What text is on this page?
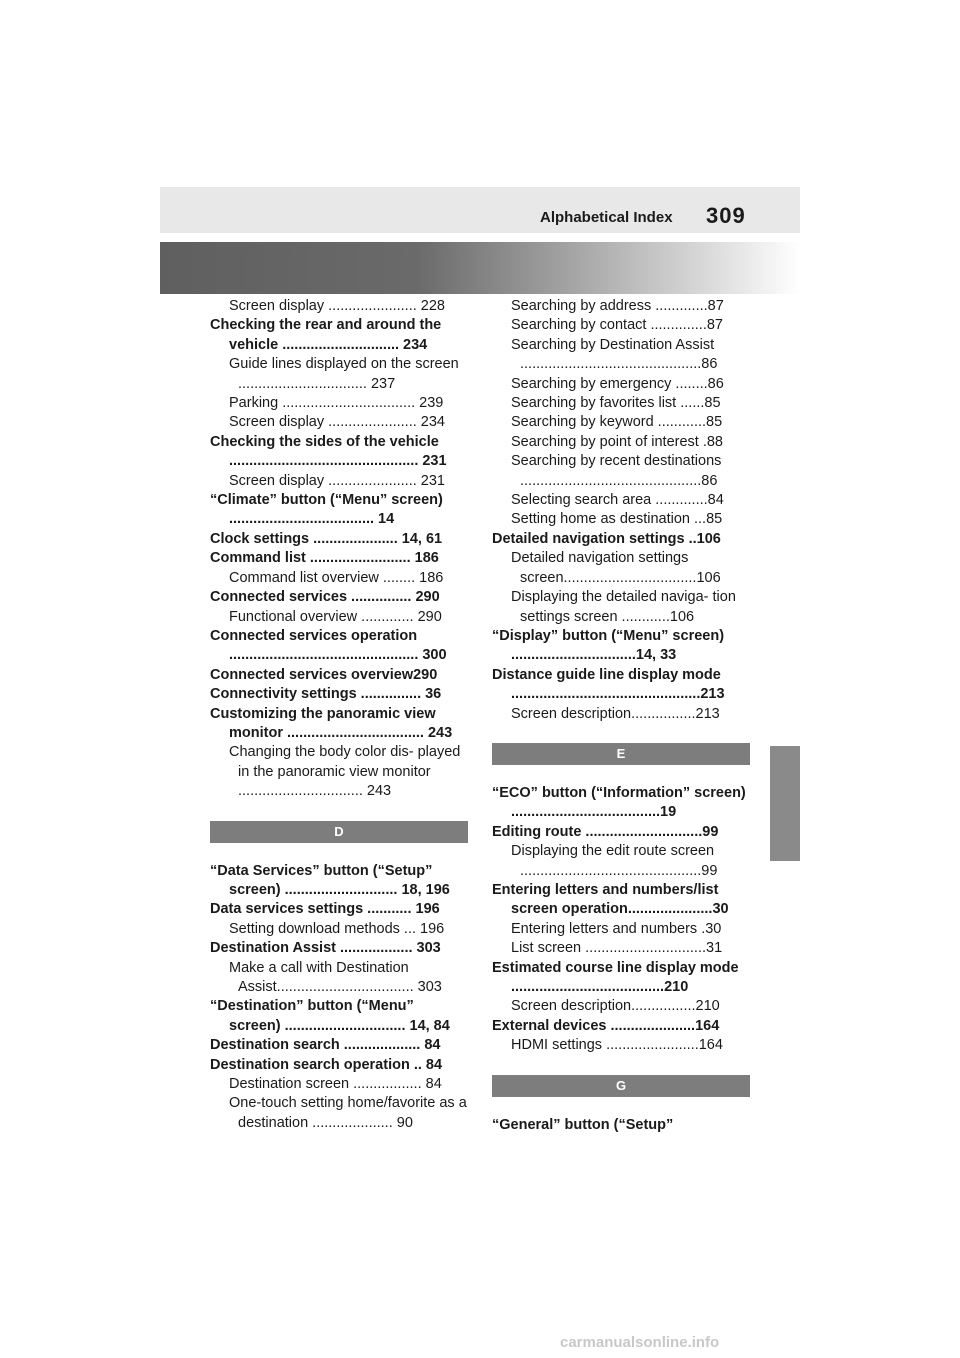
Alphabetical Index 309
Screen display ...................... 228
Checking the rear and around the vehicle ............................. 234
Guide lines displayed on the screen ................................ 237
Parking ................................. 239
Screen display ...................... 234
Checking the sides of the vehicle ............................................... 231
Screen display ...................... 231
“Climate” button (“Menu” screen) .................................... 14
Clock settings ..................... 14, 61
Command list ......................... 186
Command list overview ........ 186
Connected services ............... 290
Functional overview ............. 290
Connected services operation ............................................... 300
Connected services overview290
Connectivity settings ............... 36
Customizing the panoramic view monitor .................................. 243
Changing the body color dis- played in the panoramic view monitor ............................... 243
D
“Data Services” button (“Setup” screen) ............................ 18, 196
Data services settings ........... 196
Setting download methods ... 196
Destination Assist .................. 303
Make a call with Destination Assist.................................. 303
“Destination” button (“Menu” screen) .............................. 14, 84
Destination search ................... 84
Destination search operation .. 84
Destination screen ................. 84
One-touch setting home/favorite as a destination .................... 90
Searching by address .............87
Searching by contact ..............87
Searching by Destination Assist .............................................86
Searching by emergency ........86
Searching by favorites list ......85
Searching by keyword ............85
Searching by point of interest .88
Searching by recent destinations .............................................86
Selecting search area .............84
Setting home as destination ...85
Detailed navigation settings ..106
Detailed navigation settings screen.................................106
Displaying the detailed naviga- tion settings screen ............106
“Display” button (“Menu” screen) ...............................14, 33
Distance guide line display mode ...............................................213
Screen description................213
E
“ECO” button (“Information” screen) .....................................19
Editing route .............................99
Displaying the edit route screen .............................................99
Entering letters and numbers/list screen operation.....................30
Entering letters and numbers .30
List screen ..............................31
Estimated course line display mode ......................................210
Screen description................210
External devices .....................164
HDMI settings .......................164
G
“General” button (“Setup”
carmanualsonline.info
